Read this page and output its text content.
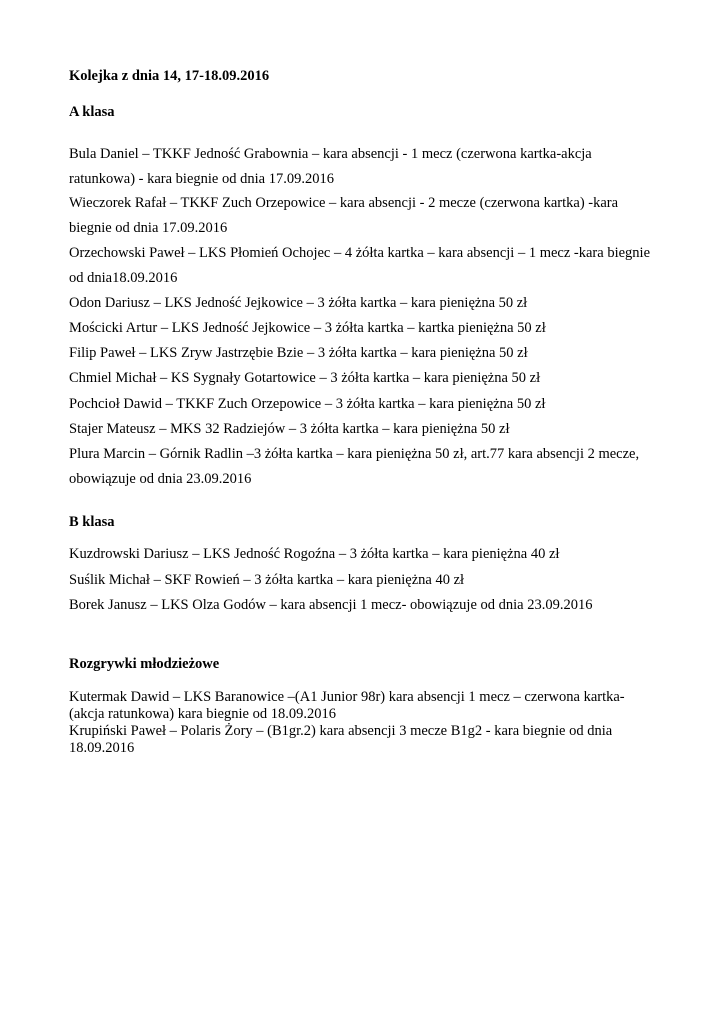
Kolejka z dnia 14, 17-18.09.2016
A klasa
Bula Daniel – TKKF Jedność Grabownia – kara absencji - 1 mecz (czerwona kartka-akcja
ratunkowa) - kara biegnie od dnia 17.09.2016
Wieczorek Rafał – TKKF Zuch Orzepowice – kara absencji - 2 mecze (czerwona kartka) -kara
biegnie od dnia 17.09.2016
Orzechowski Paweł – LKS Płomień Ochojec – 4 żółta kartka – kara absencji – 1 mecz -kara biegnie
od dnia18.09.2016
Odon Dariusz – LKS Jedność Jejkowice – 3 żółta kartka – kara pieniężna 50 zł
Mościcki Artur – LKS Jedność Jejkowice – 3 żółta kartka – kartka pieniężna 50 zł
Filip Paweł – LKS Zryw Jastrzębie Bzie – 3 żółta kartka – kara pieniężna 50 zł
Chmiel Michał – KS Sygnały Gotartowice – 3 żółta kartka – kara pieniężna 50 zł
Pochcioł Dawid – TKKF Zuch Orzepowice – 3 żółta kartka – kara pieniężna 50 zł
Stajer Mateusz – MKS 32 Radziejów – 3 żółta kartka – kara pieniężna 50 zł
Plura Marcin – Górnik Radlin –3 żółta kartka – kara pieniężna 50 zł, art.77 kara absencji 2 mecze,
obowiązuje od dnia 23.09.2016
B klasa
Kuzdrowski Dariusz – LKS Jedność Rogoźna – 3 żółta kartka – kara pieniężna 40 zł
Suślik Michał – SKF Rowień – 3 żółta kartka – kara pieniężna 40 zł
Borek Janusz – LKS Olza Godów – kara absencji 1 mecz- obowiązuje od dnia 23.09.2016
Rozgrywki młodzieżowe
Kutermak Dawid – LKS Baranowice –(A1 Junior 98r) kara absencji 1 mecz – czerwona kartka-
(akcja ratunkowa) kara biegnie od 18.09.2016
Krupiński Paweł – Polaris Żory – (B1gr.2) kara absencji 3 mecze B1g2 - kara biegnie od dnia
18.09.2016
